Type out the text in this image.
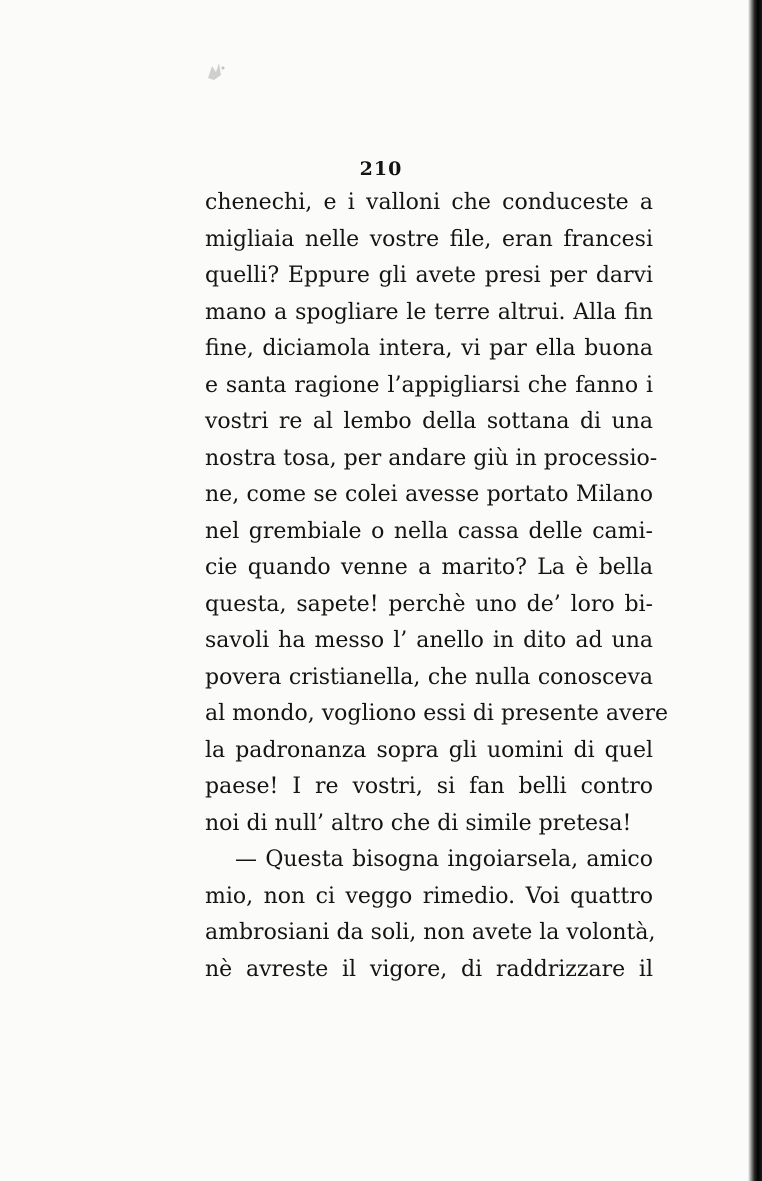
210
chenechi, e i valloni che conduceste a
migliaia nelle vostre file, eran francesi
quelli? Eppure gli avete presi per darvi
mano a spogliare le terre altrui. Alla fin
fine, diciamola intera, vi par ella buona
e santa ragione l’appigliarsi che fanno i
vostri re al lembo della sottana di una
nostra tosa, per andare giù in processio-
ne, come se colei avesse portato Milano
nel grembiale o nella cassa delle cami-
cie quando venne a marito? La è bella
questa, sapete! perchè uno de’ loro bi-
savoli ha messo l’ anello in dito ad una
povera cristianella, che nulla conosceva
al mondo, vogliono essi di presente avere
la padronanza sopra gli uomini di quel
paese! I re vostri, si fan belli contro
noi di null’ altro che di simile pretesa!
— Questa bisogna ingoiarsela, amico
mio, non ci veggo rimedio. Voi quattro
ambrosiani da soli, non avete la volontà,
nè avreste il vigore, di raddrizzare il
